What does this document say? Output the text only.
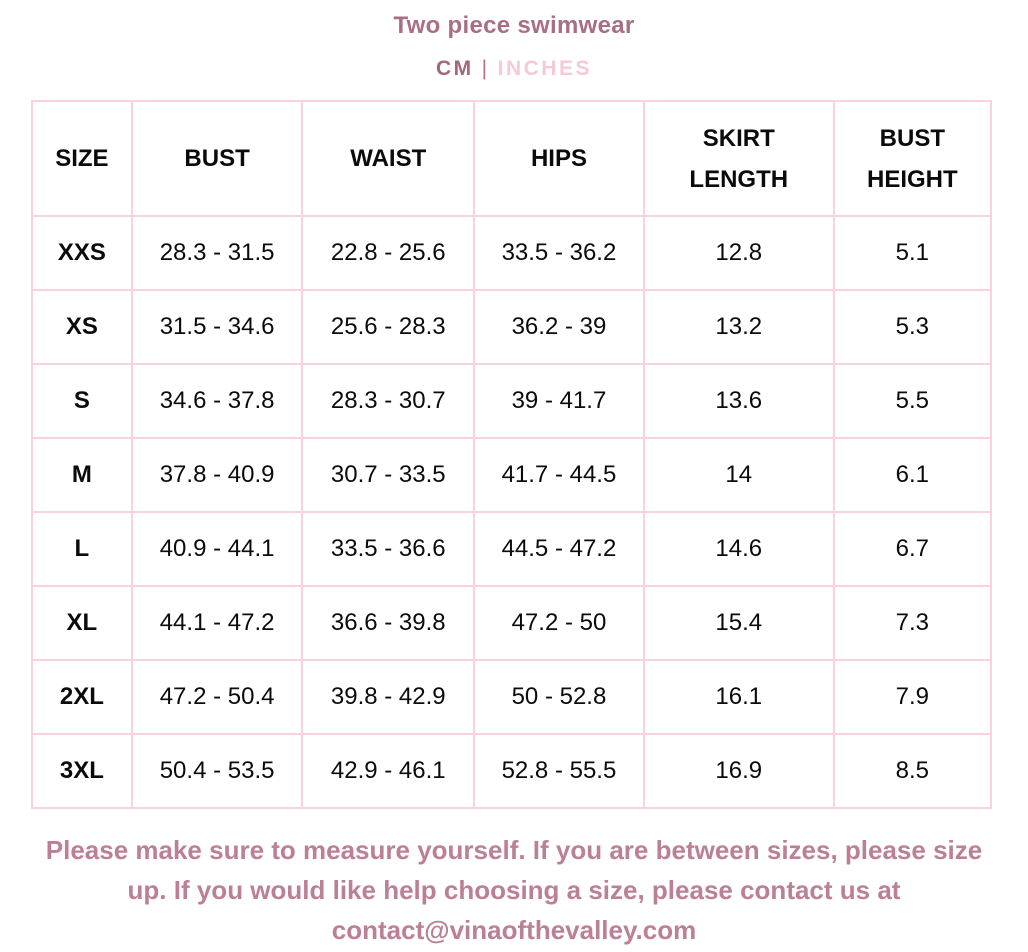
Two piece swimwear
CM | INCHES
SIZE	BUST	WAIST	HIPS	SKIRT LENGTH	BUST HEIGHT
XXS	28.3 - 31.5	22.8 - 25.6	33.5 - 36.2	12.8	5.1
XS	31.5 - 34.6	25.6 - 28.3	36.2 - 39	13.2	5.3
S	34.6 - 37.8	28.3 - 30.7	39 - 41.7	13.6	5.5
M	37.8 - 40.9	30.7 - 33.5	41.7 - 44.5	14	6.1
L	40.9 - 44.1	33.5 - 36.6	44.5 - 47.2	14.6	6.7
XL	44.1 - 47.2	36.6 - 39.8	47.2 - 50	15.4	7.3
2XL	47.2 - 50.4	39.8 - 42.9	50 - 52.8	16.1	7.9
3XL	50.4 - 53.5	42.9 - 46.1	52.8 - 55.5	16.9	8.5

Please make sure to measure yourself. If you are between sizes, please size up. If you would like help choosing a size, please contact us at contact@vinaofthevalley.com
